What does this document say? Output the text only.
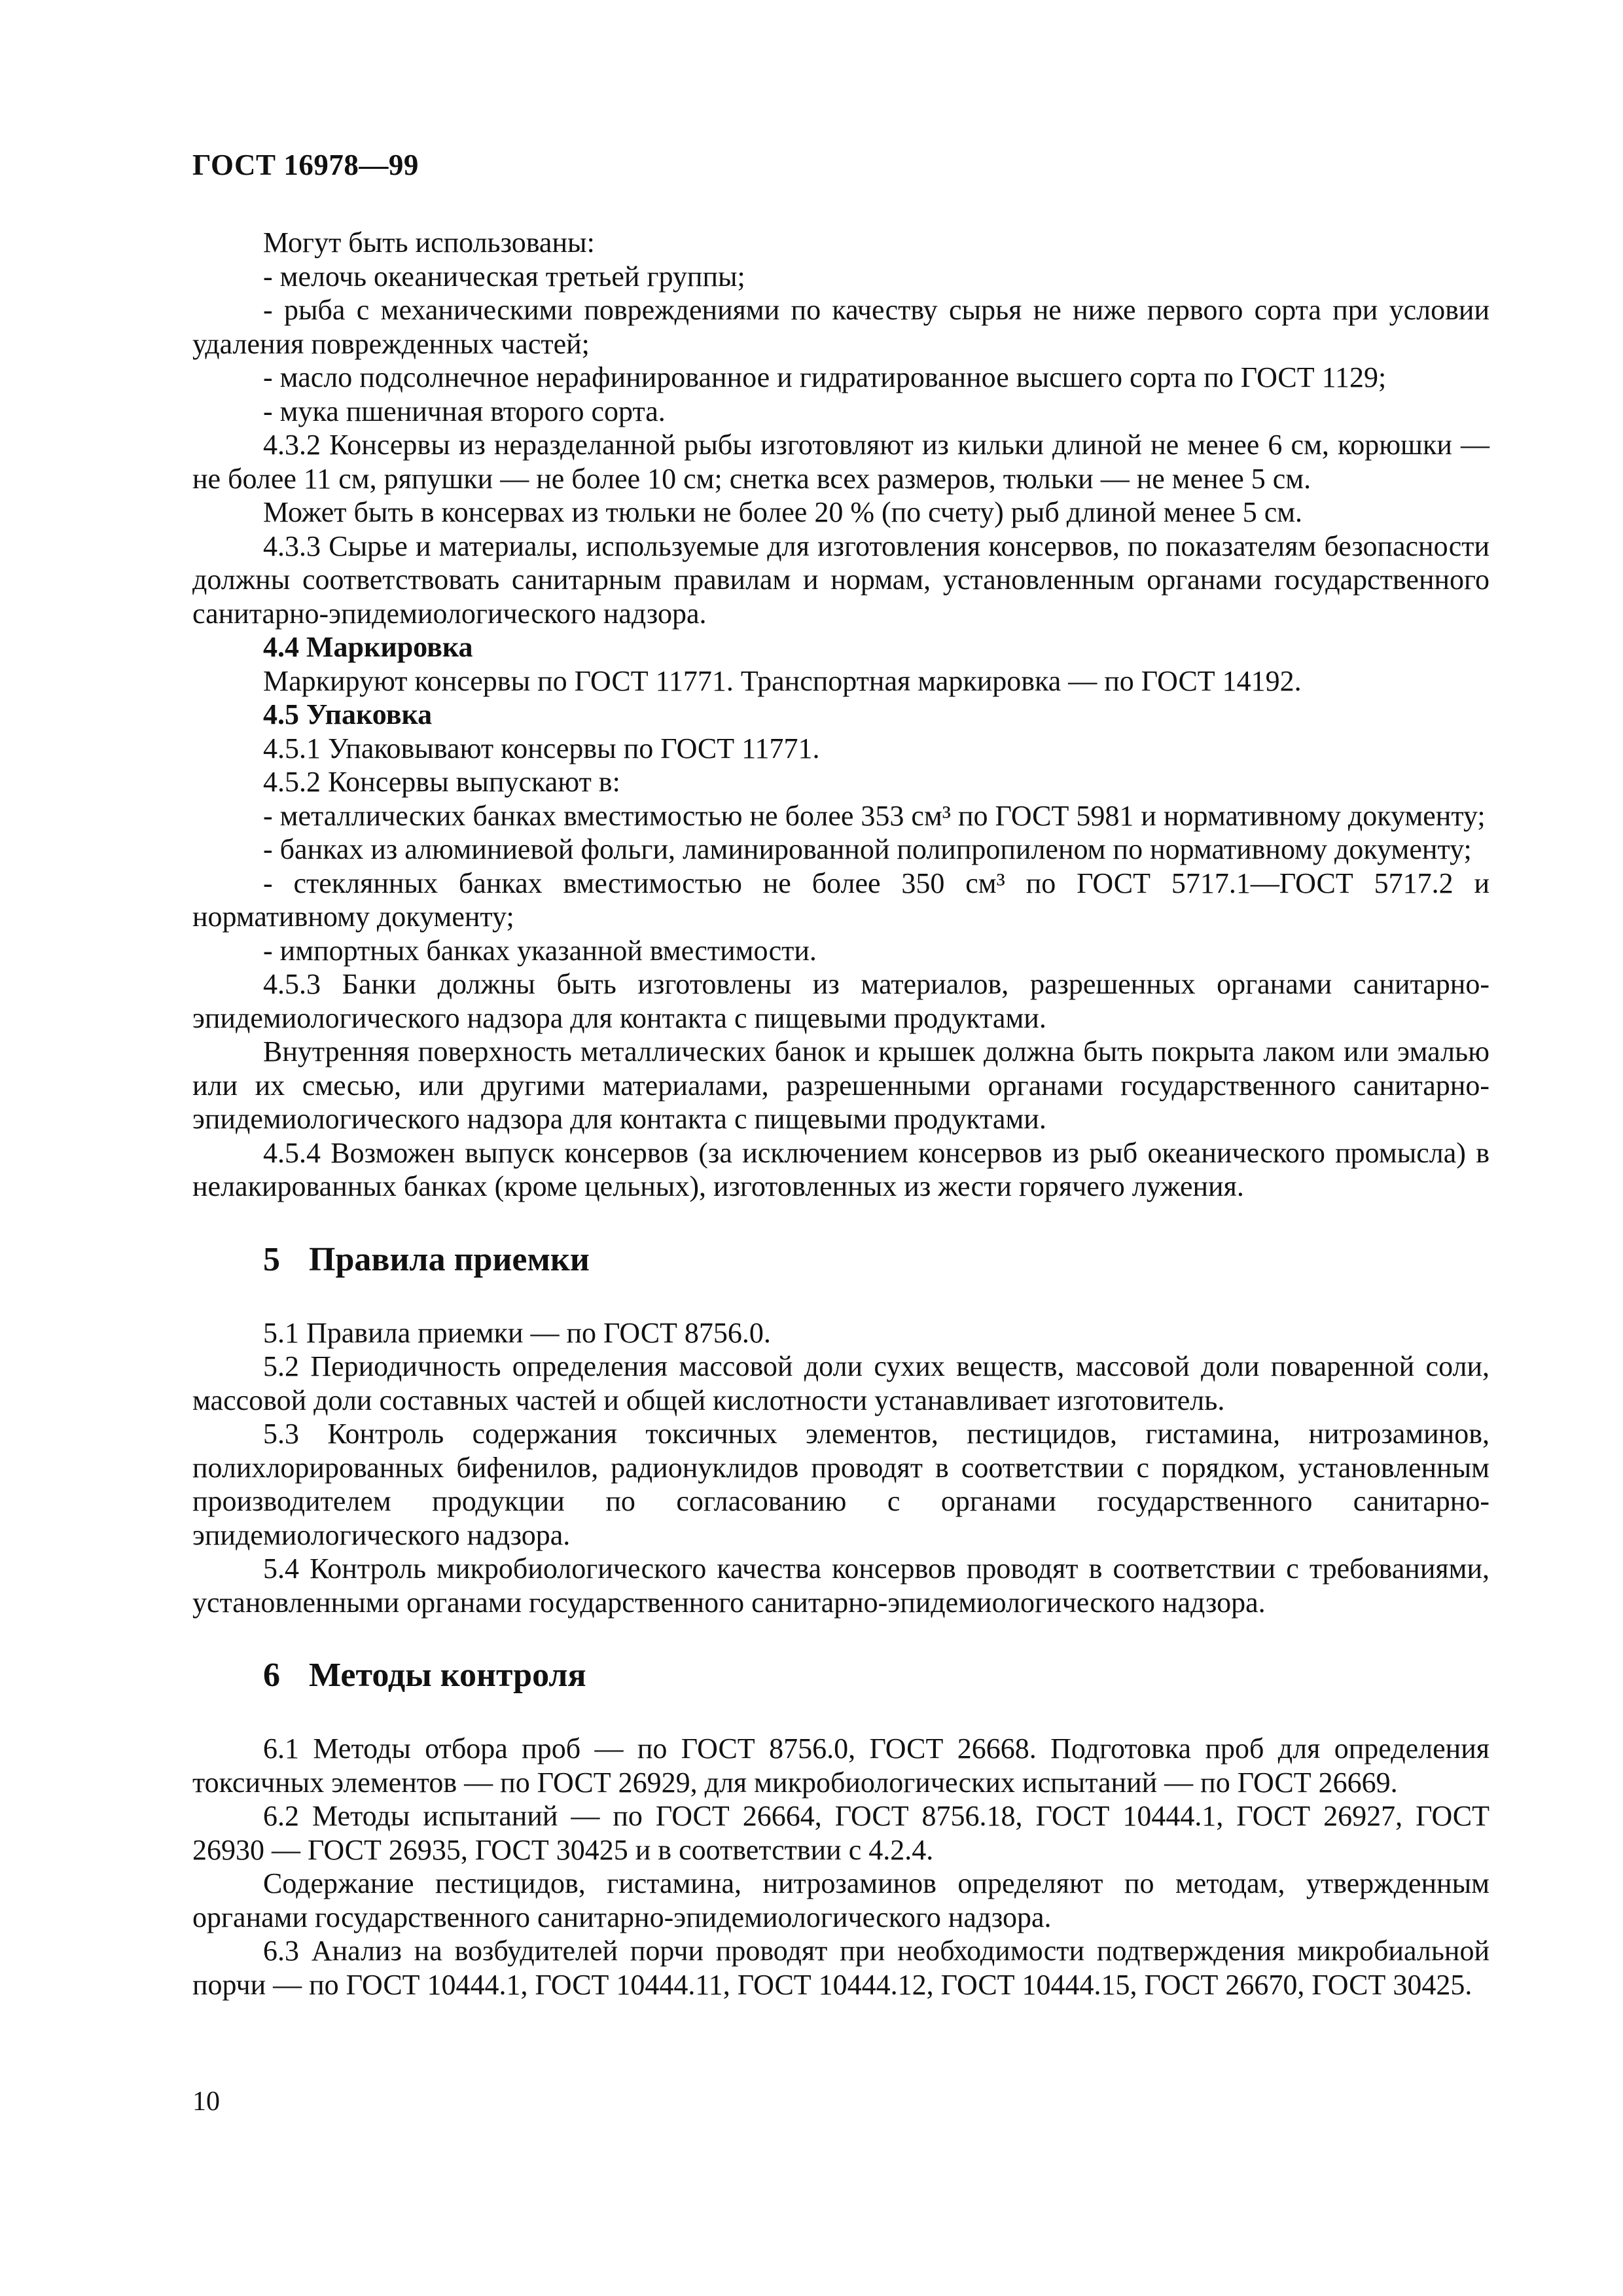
ГОСТ 16978—99

Могут быть использованы:

- мелочь океаническая третьей группы;

- рыба с механическими повреждениями по качеству сырья не ниже первого сорта при условии удаления поврежденных частей;

- масло подсолнечное нерафинированное и гидратированное высшего сорта по ГОСТ 1129;

- мука пшеничная второго сорта.

4.3.2 Консервы из неразделанной рыбы изготовляют из кильки длиной не менее 6 см, корюшки — не более 11 см, ряпушки — не более 10 см; снетка всех размеров, тюльки — не менее 5 см.

Может быть в консервах из тюльки не более 20 % (по счету) рыб длиной менее 5 см.

4.3.3 Сырье и материалы, используемые для изготовления консервов, по показателям безопасности должны соответствовать санитарным правилам и нормам, установленным органами государственного санитарно-эпидемиологического надзора.

4.4 Маркировка

Маркируют консервы по ГОСТ 11771. Транспортная маркировка — по ГОСТ 14192.

4.5 Упаковка

4.5.1 Упаковывают консервы по ГОСТ 11771.

4.5.2 Консервы выпускают в:

- металлических банках вместимостью не более 353 см³ по ГОСТ 5981 и нормативному документу;

- банках из алюминиевой фольги, ламинированной полипропиленом по нормативному документу;

- стеклянных банках вместимостью не более 350 см³ по ГОСТ 5717.1—ГОСТ 5717.2 и нормативному документу;

- импортных банках указанной вместимости.

4.5.3 Банки должны быть изготовлены из материалов, разрешенных органами санитарно-эпидемиологического надзора для контакта с пищевыми продуктами.

Внутренняя поверхность металлических банок и крышек должна быть покрыта лаком или эмалью или их смесью, или другими материалами, разрешенными органами государственного санитарно-эпидемиологического надзора для контакта с пищевыми продуктами.

4.5.4 Возможен выпуск консервов (за исключением консервов из рыб океанического промысла) в нелакированных банках (кроме цельных), изготовленных из жести горячего лужения.

5 Правила приемки

5.1 Правила приемки — по ГОСТ 8756.0.

5.2 Периодичность определения массовой доли сухих веществ, массовой доли поваренной соли, массовой доли составных частей и общей кислотности устанавливает изготовитель.

5.3 Контроль содержания токсичных элементов, пестицидов, гистамина, нитрозаминов, полихлорированных бифенилов, радионуклидов проводят в соответствии с порядком, установленным производителем продукции по согласованию с органами государственного санитарно-эпидемиологического надзора.

5.4 Контроль микробиологического качества консервов проводят в соответствии с требованиями, установленными органами государственного санитарно-эпидемиологического надзора.

6 Методы контроля

6.1 Методы отбора проб — по ГОСТ 8756.0, ГОСТ 26668. Подготовка проб для определения токсичных элементов — по ГОСТ 26929, для микробиологических испытаний — по ГОСТ 26669.

6.2 Методы испытаний — по ГОСТ 26664, ГОСТ 8756.18, ГОСТ 10444.1, ГОСТ 26927, ГОСТ 26930 — ГОСТ 26935, ГОСТ 30425 и в соответствии с 4.2.4.

Содержание пестицидов, гистамина, нитрозаминов определяют по методам, утвержденным органами государственного санитарно-эпидемиологического надзора.

6.3 Анализ на возбудителей порчи проводят при необходимости подтверждения микробиальной порчи — по ГОСТ 10444.1, ГОСТ 10444.11, ГОСТ 10444.12, ГОСТ 10444.15, ГОСТ 26670, ГОСТ 30425.

10
